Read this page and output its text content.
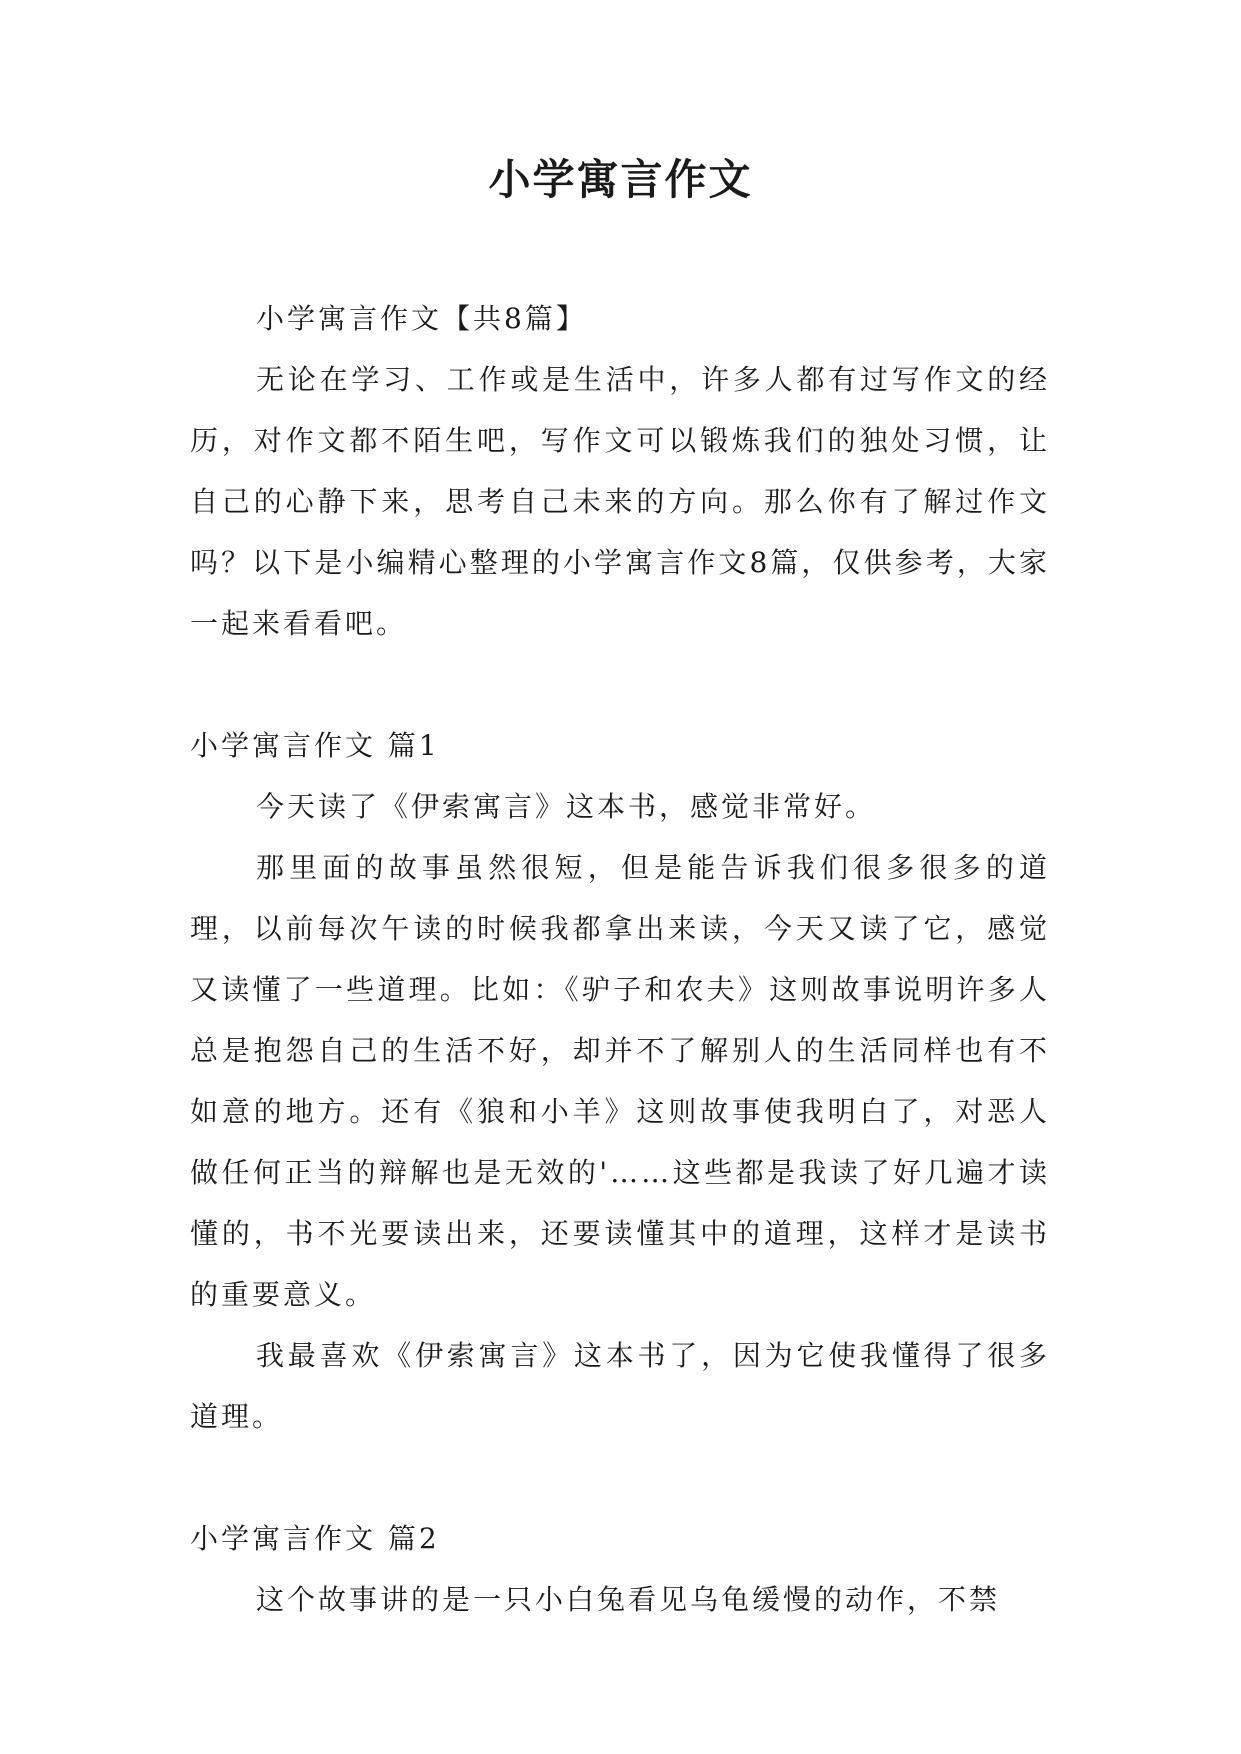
小学寓言作文

小学寓言作文【共8篇】

无论在学习、工作或是生活中，许多人都有过写作文的经历，对作文都不陌生吧，写作文可以锻炼我们的独处习惯，让自己的心静下来，思考自己未来的方向。那么你有了解过作文吗？以下是小编精心整理的小学寓言作文8篇，仅供参考，大家一起来看看吧。

小学寓言作文 篇1

今天读了《伊索寓言》这本书，感觉非常好。

那里面的故事虽然很短，但是能告诉我们很多很多的道理，以前每次午读的时候我都拿出来读，今天又读了它，感觉又读懂了一些道理。比如：《驴子和农夫》这则故事说明许多人总是抱怨自己的生活不好，却并不了解别人的生活同样也有不如意的地方。还有《狼和小羊》这则故事使我明白了，对恶人做任何正当的辩解也是无效的'……这些都是我读了好几遍才读懂的，书不光要读出来，还要读懂其中的道理，这样才是读书的重要意义。

我最喜欢《伊索寓言》这本书了，因为它使我懂得了很多道理。

小学寓言作文 篇2

这个故事讲的是一只小白兔看见乌龟缓慢的动作，不禁
